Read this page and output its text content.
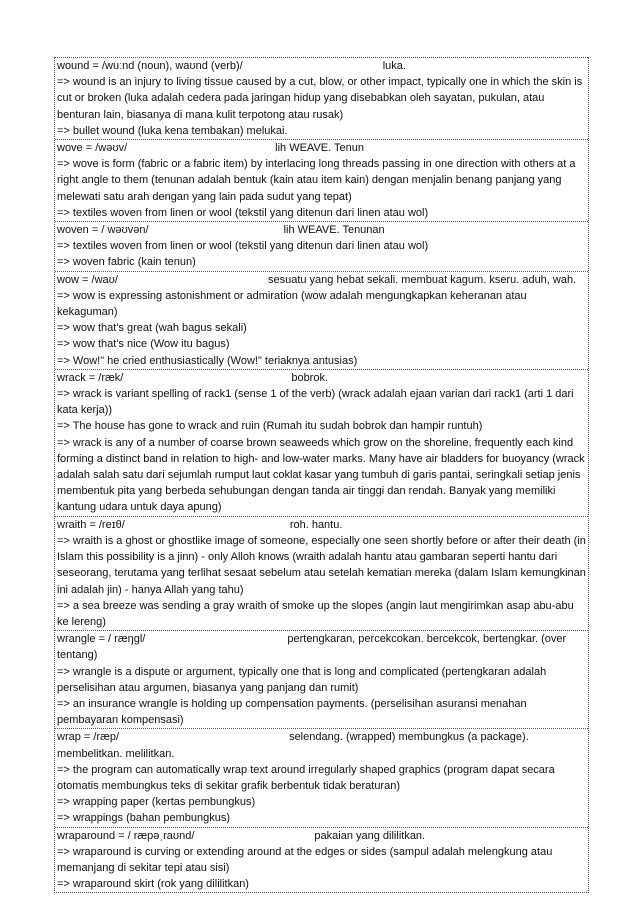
wound = /wuːnd (noun), waʊnd (verb)/	luka.
=> wound is an injury to living tissue caused by a cut, blow, or other impact, typically one in which the skin is cut or broken (luka adalah cedera pada jaringan hidup yang disebabkan oleh sayatan, pukulan, atau benturan lain, biasanya di mana kulit terpotong atau rusak)
=> bullet wound (luka kena tembakan) melukai.
wove = /wəʊv/	lih WEAVE. Tenun
=> wove is form (fabric or a fabric item) by interlacing long threads passing in one direction with others at a right angle to them (tenunan adalah bentuk (kain atau item kain) dengan menjalin benang panjang yang melewati satu arah dengan yang lain pada sudut yang tepat)
=> textiles woven from linen or wool (tekstil yang ditenun dari linen atau wol)
woven = / wəʊvən/	lih WEAVE. Tenunan
=> textiles woven from linen or wool (tekstil yang ditenun dari linen atau wol)
=> woven fabric (kain tenun)
wow = /waʊ/	sesuatu yang hebat sekali. membuat kagum. kseru. aduh, wah.
=> wow is expressing astonishment or admiration (wow adalah mengungkapkan keheranan atau kekaguman)
=> wow that's great (wah bagus sekali)
=> wow that's nice (Wow itu bagus)
=> Wow!" he cried enthusiastically (Wow!" teriaknya antusias)
wrack = /ræk/	bobrok.
=> wrack is variant spelling of rack1 (sense 1 of the verb) (wrack adalah ejaan varian dari rack1 (arti 1 dari kata kerja))
=> The house has gone to wrack and ruin (Rumah itu sudah bobrok dan hampir runtuh)
=> wrack is any of a number of coarse brown seaweeds which grow on the shoreline, frequently each kind forming a distinct band in relation to high- and low-water marks. Many have air bladders for buoyancy (wrack adalah salah satu dari sejumlah rumput laut coklat kasar yang tumbuh di garis pantai, seringkali setiap jenis membentuk pita yang berbeda sehubungan dengan tanda air tinggi dan rendah. Banyak yang memiliki kantung udara untuk daya apung)
wraith = /reɪθ/	roh. hantu.
=> wraith is a ghost or ghostlike image of someone, especially one seen shortly before or after their death (in Islam this possibility is a jinn) - only Alloh knows (wraith adalah hantu atau gambaran seperti hantu dari seseorang, terutama yang terlihat sesaat sebelum atau setelah kematian mereka (dalam Islam kemungkinan ini adalah jin) - hanya Allah yang tahu)
=> a sea breeze was sending a gray wraith of smoke up the slopes (angin laut mengirimkan asap abu-abu ke lereng)
wrangle = / ræŋɡl/	pertengkaran, percekcokan. bercekcok, bertengkar. (over tentang)
=> wrangle is a dispute or argument, typically one that is long and complicated (pertengkaran adalah perselisihan atau argumen, biasanya yang panjang dan rumit)
=> an insurance wrangle is holding up compensation payments. (perselisihan asuransi menahan pembayaran kompensasi)
wrap = /ræp/	selendang. (wrapped) membungkus (a package). membelitkan. melilitkan.
=> the program can automatically wrap text around irregularly shaped graphics (program dapat secara otomatis membungkus teks di sekitar grafik berbentuk tidak beraturan)
=> wrapping paper (kertas pembungkus)
=> wrappings (bahan pembungkus)
wraparound = / ræpəˌraʊnd/	pakaian yang dililitkan.
=> wraparound is curving or extending around at the edges or sides (sampul adalah melengkung atau memanjang di sekitar tepi atau sisi)
=> wraparound skirt (rok yang dililitkan)
